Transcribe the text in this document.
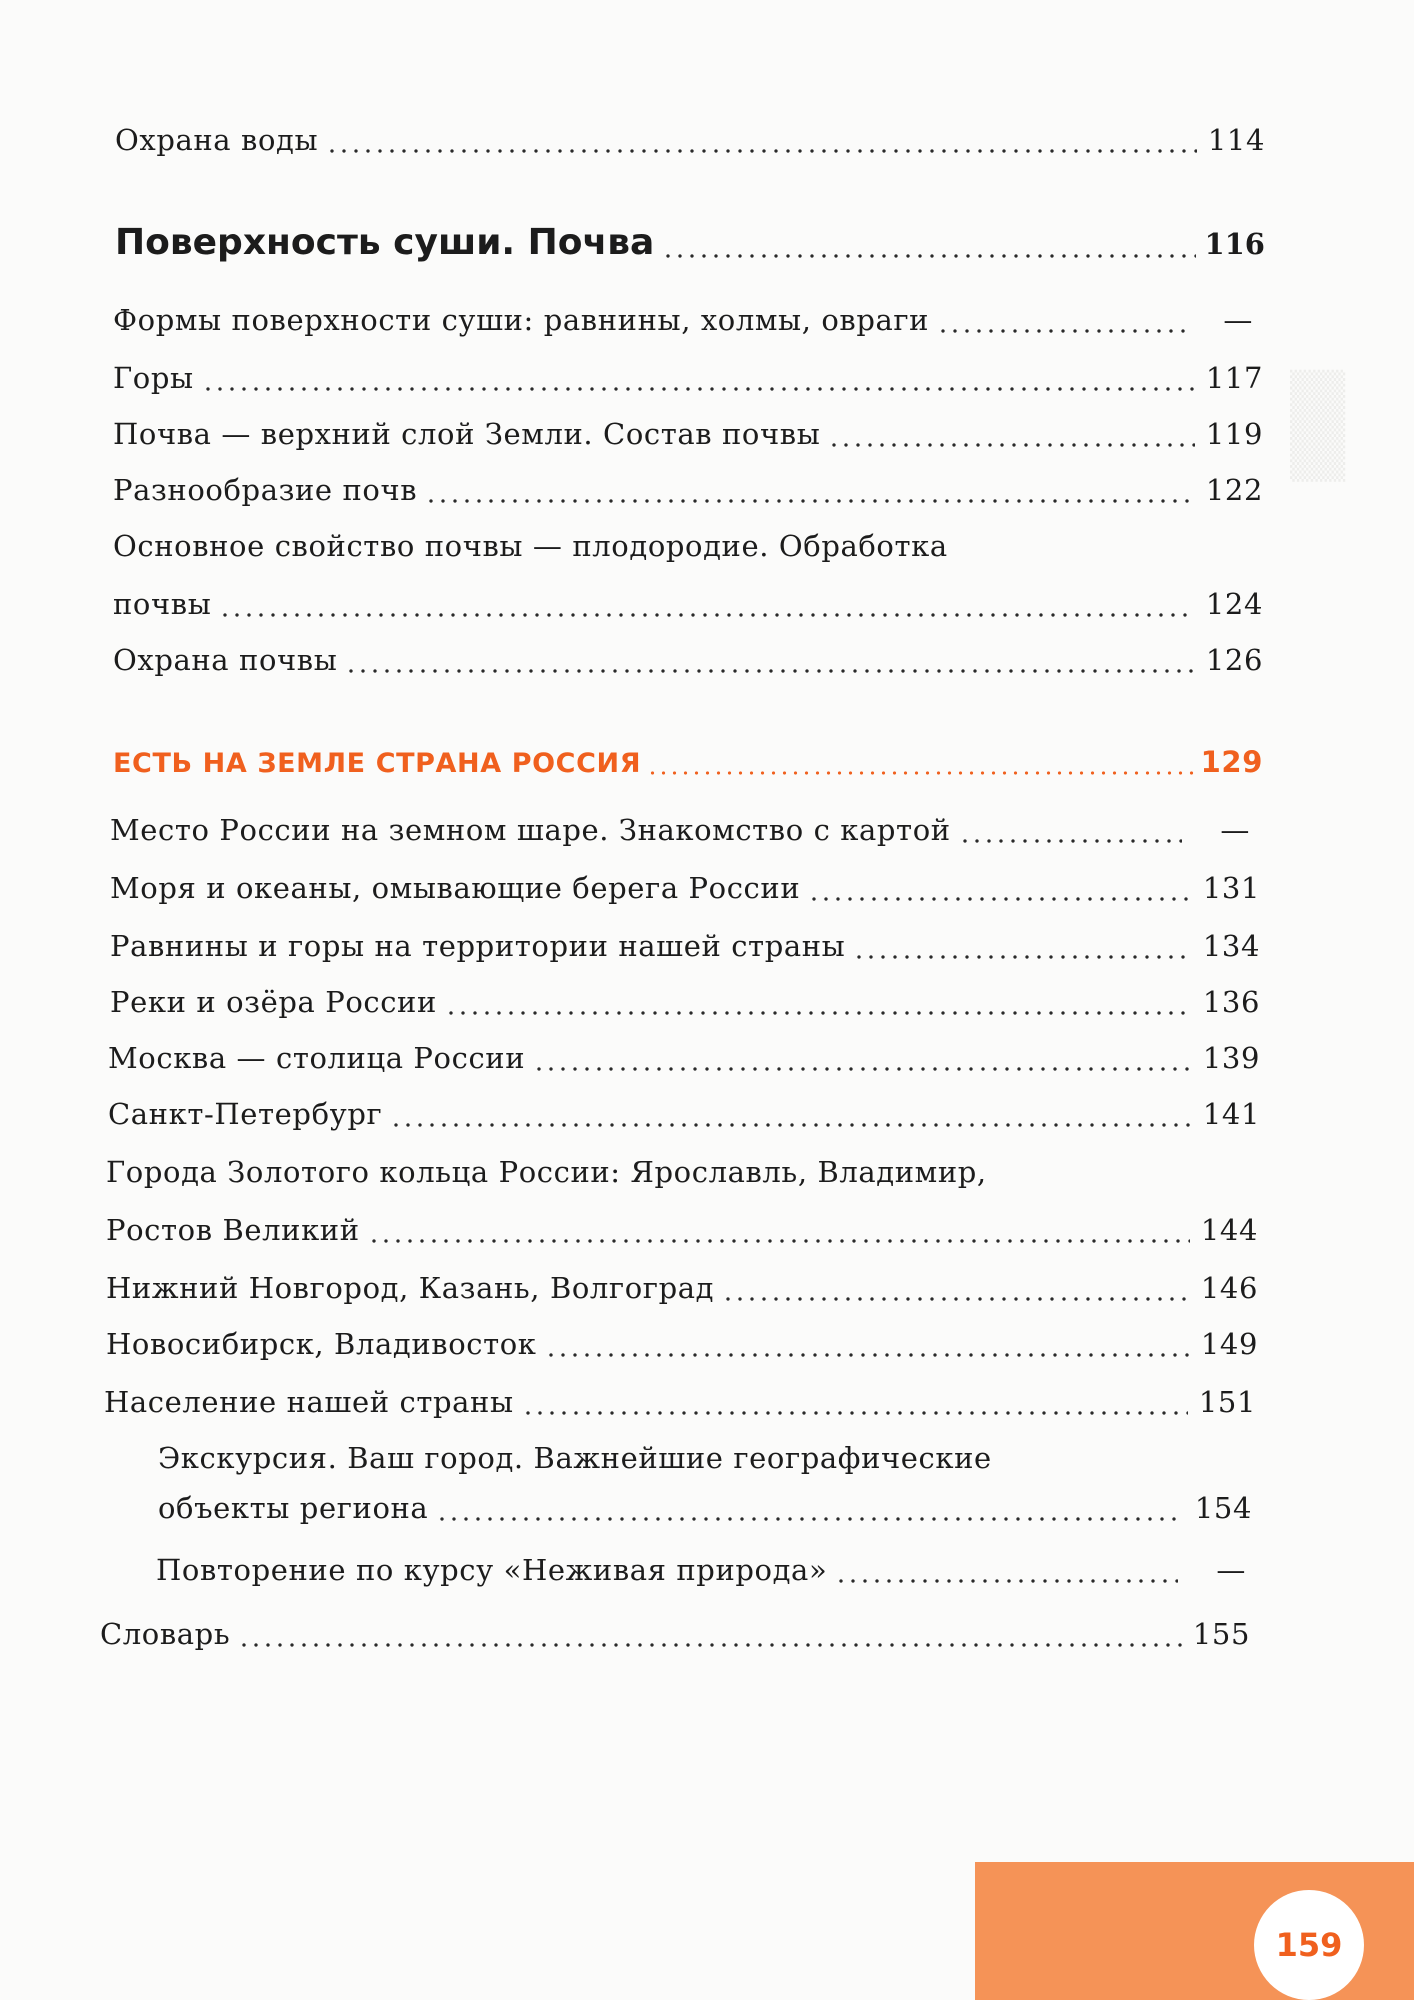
▒▒▒
▒▒▒
▒▒▒
▒▒▒
Охрана воды	114
Поверхность суши. Почва	116
Формы поверхности суши: равнины, холмы, овраги	—
Горы	117
Почва — верхний слой Земли. Состав почвы	119
Разнообразие почв	122
Основное свойство почвы — плодородие. Обработка
почвы	124
Охрана почвы	126
ЕСТЬ НА ЗЕМЛЕ СТРАНА РОССИЯ	129
Место России на земном шаре. Знакомство с картой	—
Моря и океаны, омывающие берега России	131
Равнины и горы на территории нашей страны	134
Реки и озёра России	136
Москва — столица России	139
Санкт-Петербург	141
Города Золотого кольца России: Ярославль, Владимир,
Ростов Великий	144
Нижний Новгород, Казань, Волгоград	146
Новосибирск, Владивосток	149
Население нашей страны	151
Экскурсия. Ваш город. Важнейшие географические
объекты региона	154
Повторение по курсу «Неживая природа»	—
Словарь	155
159
